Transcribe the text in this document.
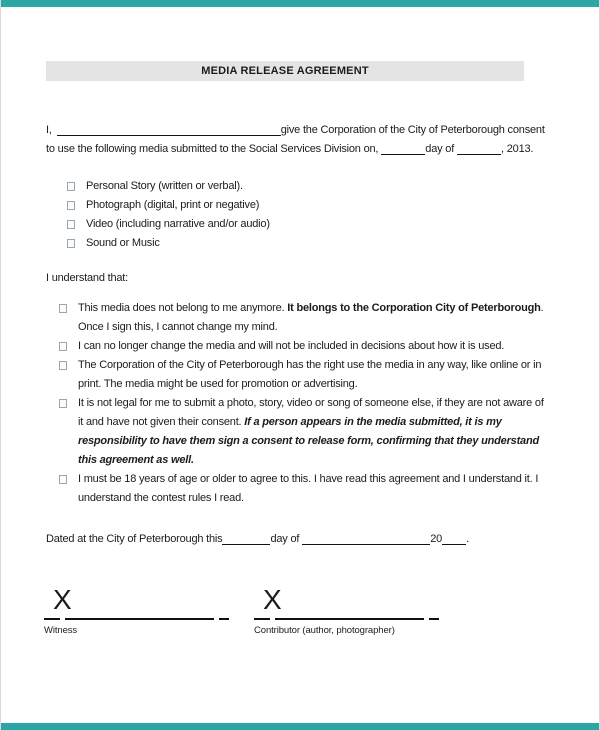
MEDIA RELEASE AGREEMENT

I,	give the Corporation of the City of Peterborough consent to use the following media submitted to the Social Services Division on,	day of	, 2013.

Personal Story (written or verbal).
Photograph (digital, print or negative)
Video (including narrative and/or audio)
Sound or Music

I understand that:

This media does not belong to me anymore. It belongs to the Corporation City of Peterborough. Once I sign this, I cannot change my mind.
I can no longer change the media and will not be included in decisions about how it is used.
The Corporation of the City of Peterborough has the right use the media in any way, like online or in print. The media might be used for promotion or advertising.
It is not legal for me to submit a photo, story, video or song of someone else, if they are not aware of it and have not given their consent. If a person appears in the media submitted, it is my responsibility to have them sign a consent to release form, confirming that they understand this agreement as well.
I must be 18 years of age or older to agree to this. I have read this agreement and I understand it. I understand the contest rules I read.

Dated at the City of Peterborough this	day of	20 .

X
Witness
X
Contributor (author, photographer)
